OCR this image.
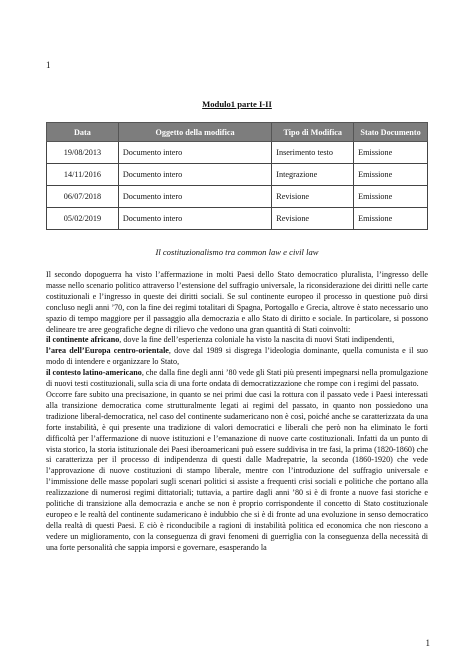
1
Modulo1 parte I-II
Data	Oggetto della modifica	Tipo di Modifica	Stato Documento
19/08/2013	Documento intero	Inserimento testo	Emissione
14/11/2016	Documento intero	Integrazione	Emissione
06/07/2018	Documento intero	Revisione	Emissione
05/02/2019	Documento intero	Revisione	Emissione
Il costituzionalismo tra common law e civil law

Il secondo dopoguerra ha visto l’affermazione in molti Paesi dello Stato democratico pluralista, l’ingresso delle masse nello scenario politico attraverso l’estensione del suffragio universale, la riconsiderazione dei diritti nelle carte costituzionali e l’ingresso in queste dei diritti sociali. Se sul continente europeo il processo in questione può dirsi concluso negli anni ’70, con la fine dei regimi totalitari di Spagna, Portogallo e Grecia, altrove è stato necessario uno spazio di tempo maggiore per il passaggio alla democrazia e allo Stato di diritto e sociale. In particolare, si possono delineare tre aree geografiche degne di rilievo che vedono una gran quantità di Stati coinvolti:

il continente africano, dove la fine dell’esperienza coloniale ha visto la nascita di nuovi Stati indipendenti,

l’area dell’Europa centro-orientale, dove dal 1989 si disgrega l’ideologia dominante, quella comunista e il suo modo di intendere e organizzare lo Stato,

il contesto latino-americano, che dalla fine degli anni ’80 vede gli Stati più presenti impegnarsi nella promulgazione di nuovi testi costituzionali, sulla scia di una forte ondata di democratizzazione che rompe con i regimi del passato.

Occorre fare subito una precisazione, in quanto se nei primi due casi la rottura con il passato vede i Paesi interessati alla transizione democratica come strutturalmente legati ai regimi del passato, in quanto non possiedono una tradizione liberal-democratica, nel caso del continente sudamericano non è così, poiché anche se caratterizzata da una forte instabilità, è qui presente una tradizione di valori democratici e liberali che però non ha eliminato le forti difficoltà per l’affermazione di nuove istituzioni e l’emanazione di nuove carte costituzionali. Infatti da un punto di vista storico, la storia istituzionale dei Paesi iberoamericani può essere suddivisa in tre fasi, la prima (1820-1860) che si caratterizza per il processo di indipendenza di questi dalle Madrepatrie, la seconda (1860-1920) che vede l’approvazione di nuove costituzioni di stampo liberale, mentre con l’introduzione del suffragio universale e l’immissione delle masse popolari sugli scenari politici si assiste a frequenti crisi sociali e politiche che portano alla realizzazione di numerosi regimi dittatoriali; tuttavia, a partire dagli anni ’80 si è di fronte a nuove fasi storiche e politiche di transizione alla democrazia e anche se non è proprio corrispondente il concetto di Stato costituzionale europeo e le realtà del continente sudamericano è indubbio che si è di fronte ad una evoluzione in senso democratico della realtà di questi Paesi. E ciò è riconducibile a ragioni di instabilità politica ed economica che non riescono a vedere un miglioramento, con la conseguenza di gravi fenomeni di guerriglia con la conseguenza della necessità di una forte personalità che sappia imporsi e governare, esasperando la

1
